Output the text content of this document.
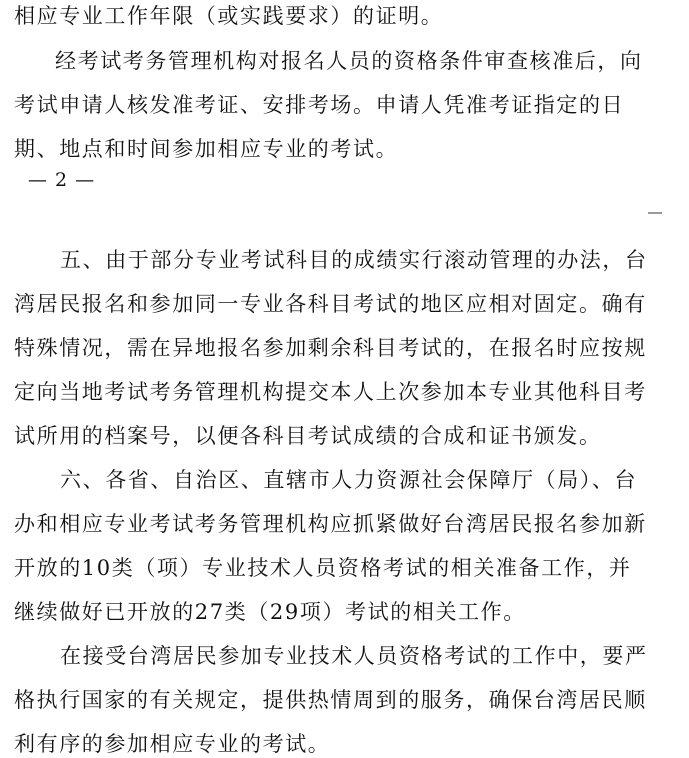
相应专业工作年限（或实践要求）的证明。
经考试考务管理机构对报名人员的资格条件审查核准后，向
考试申请人核发准考证、安排考场。申请人凭准考证指定的日
期、地点和时间参加相应专业的考试。
— 2 —
五、由于部分专业考试科目的成绩实行滚动管理的办法，台
湾居民报名和参加同一专业各科目考试的地区应相对固定。确有
特殊情况，需在异地报名参加剩余科目考试的，在报名时应按规
定向当地考试考务管理机构提交本人上次参加本专业其他科目考
试所用的档案号，以便各科目考试成绩的合成和证书颁发。
六、各省、自治区、直辖市人力资源社会保障厅（局）、台
办和相应专业考试考务管理机构应抓紧做好台湾居民报名参加新
开放的10类（项）专业技术人员资格考试的相关准备工作，并
继续做好已开放的27类（29项）考试的相关工作。
在接受台湾居民参加专业技术人员资格考试的工作中，要严
格执行国家的有关规定，提供热情周到的服务，确保台湾居民顺
利有序的参加相应专业的考试。
